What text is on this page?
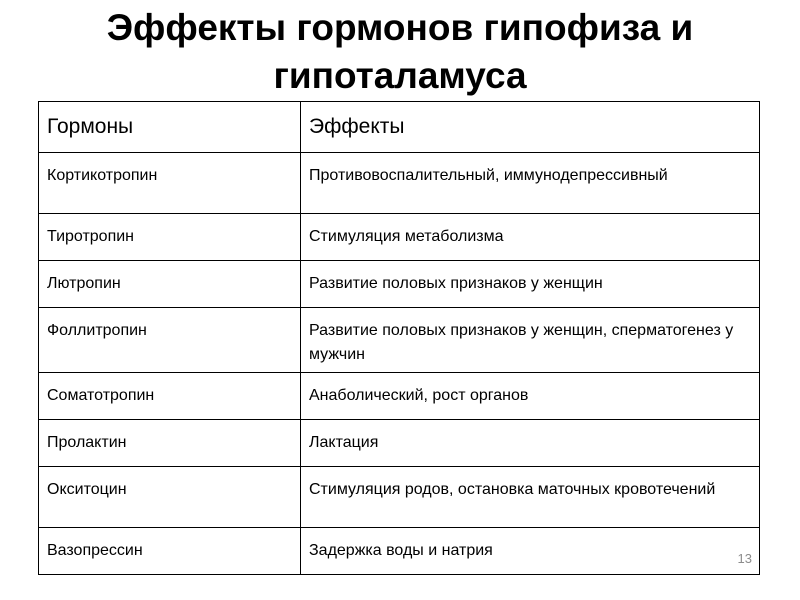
Эффекты гормонов гипофиза и
гипоталамуса
Гормоны	Эффекты
Кортикотропин	Противовоспалительный, иммунодепрессивный
Тиротропин	Стимуляция метаболизма
Лютропин	Развитие половых признаков у женщин
Фоллитропин	Развитие половых признаков у женщин, сперматогенез у мужчин
Соматотропин	Анаболический, рост органов
Пролактин	Лактация
Окситоцин	Стимуляция родов, остановка маточных кровотечений
Вазопрессин	Задержка воды и натрия	13
